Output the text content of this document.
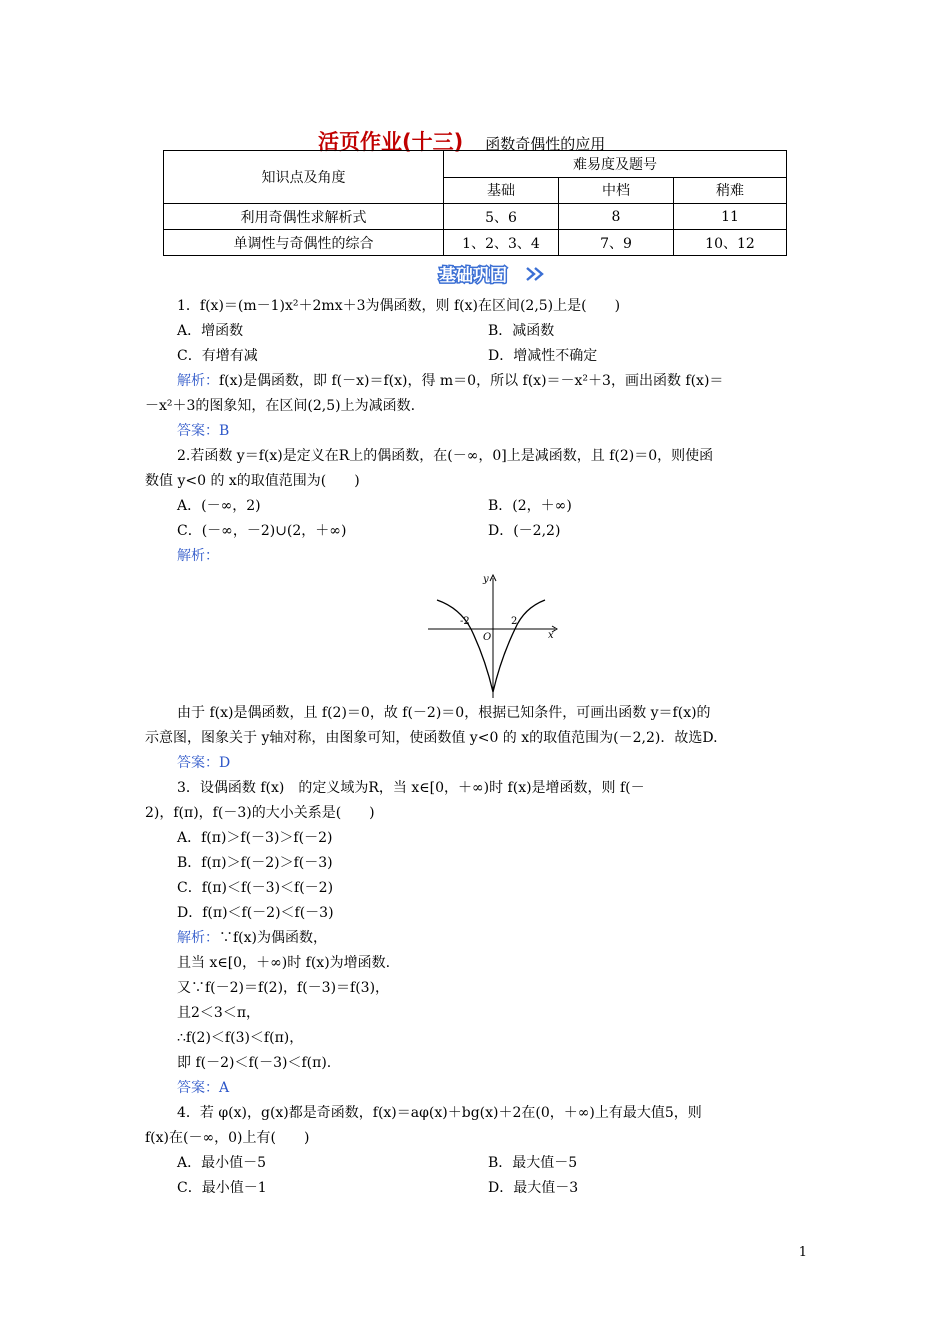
活页作业(十三) 函数奇偶性的应用
知识点及角度	难易度及题号		
	基础	中档	稍难
利用奇偶性求解析式	5、6	8	11
单调性与奇偶性的综合	1、2、3、4	7、9	10、12
基础巩固
1．f(x)＝(m－1)x²＋2mx＋3为偶函数，则 f(x)在区间(2,5)上是(　　)
A．增函数	B．减函数
C．有增有减	D．增减性不确定
解析：f(x)是偶函数，即 f(－x)＝f(x)，得 m＝0，所以 f(x)＝－x²＋3，画出函数 f(x)＝
－x²＋3的图象知，在区间(2,5)上为减函数.
答案：B
2.若函数 y＝f(x)是定义在R上的偶函数，在(－∞，0]上是减函数，且 f(2)＝0，则使函
数值 y<0 的 x的取值范围为(　　)
A．(－∞，2)	B．(2，＋∞)
C．(－∞，－2)∪(2，＋∞)	D．(－2,2)
解析：
y
x
O
-2	2
由于 f(x)是偶函数，且 f(2)＝0，故 f(－2)＝0，根据已知条件，可画出函数 y＝f(x)的
示意图，图象关于 y轴对称，由图象可知，使函数值 y<0 的 x的取值范围为(－2,2)．故选D.
答案：D
3．设偶函数 f(x)　的定义域为R，当 x∈[0，＋∞)时 f(x)是增函数，则 f(－
2)，f(π)，f(－3)的大小关系是(　　)
A．f(π)＞f(－3)＞f(－2)
B．f(π)＞f(－2)＞f(－3)
C．f(π)＜f(－3)＜f(－2)
D．f(π)＜f(－2)＜f(－3)
解析：∵f(x)为偶函数，
且当 x∈[0，＋∞)时 f(x)为增函数.
又∵f(－2)＝f(2)，f(－3)＝f(3)，
且2＜3＜π，
∴f(2)＜f(3)＜f(π)，
即 f(－2)＜f(－3)＜f(π).
答案：A
4．若 φ(x)，g(x)都是奇函数，f(x)＝aφ(x)＋bg(x)＋2在(0，＋∞)上有最大值5，则
f(x)在(－∞，0)上有(　　)
A．最小值－5	B．最大值－5
C．最小值－1	D．最大值－3
1
